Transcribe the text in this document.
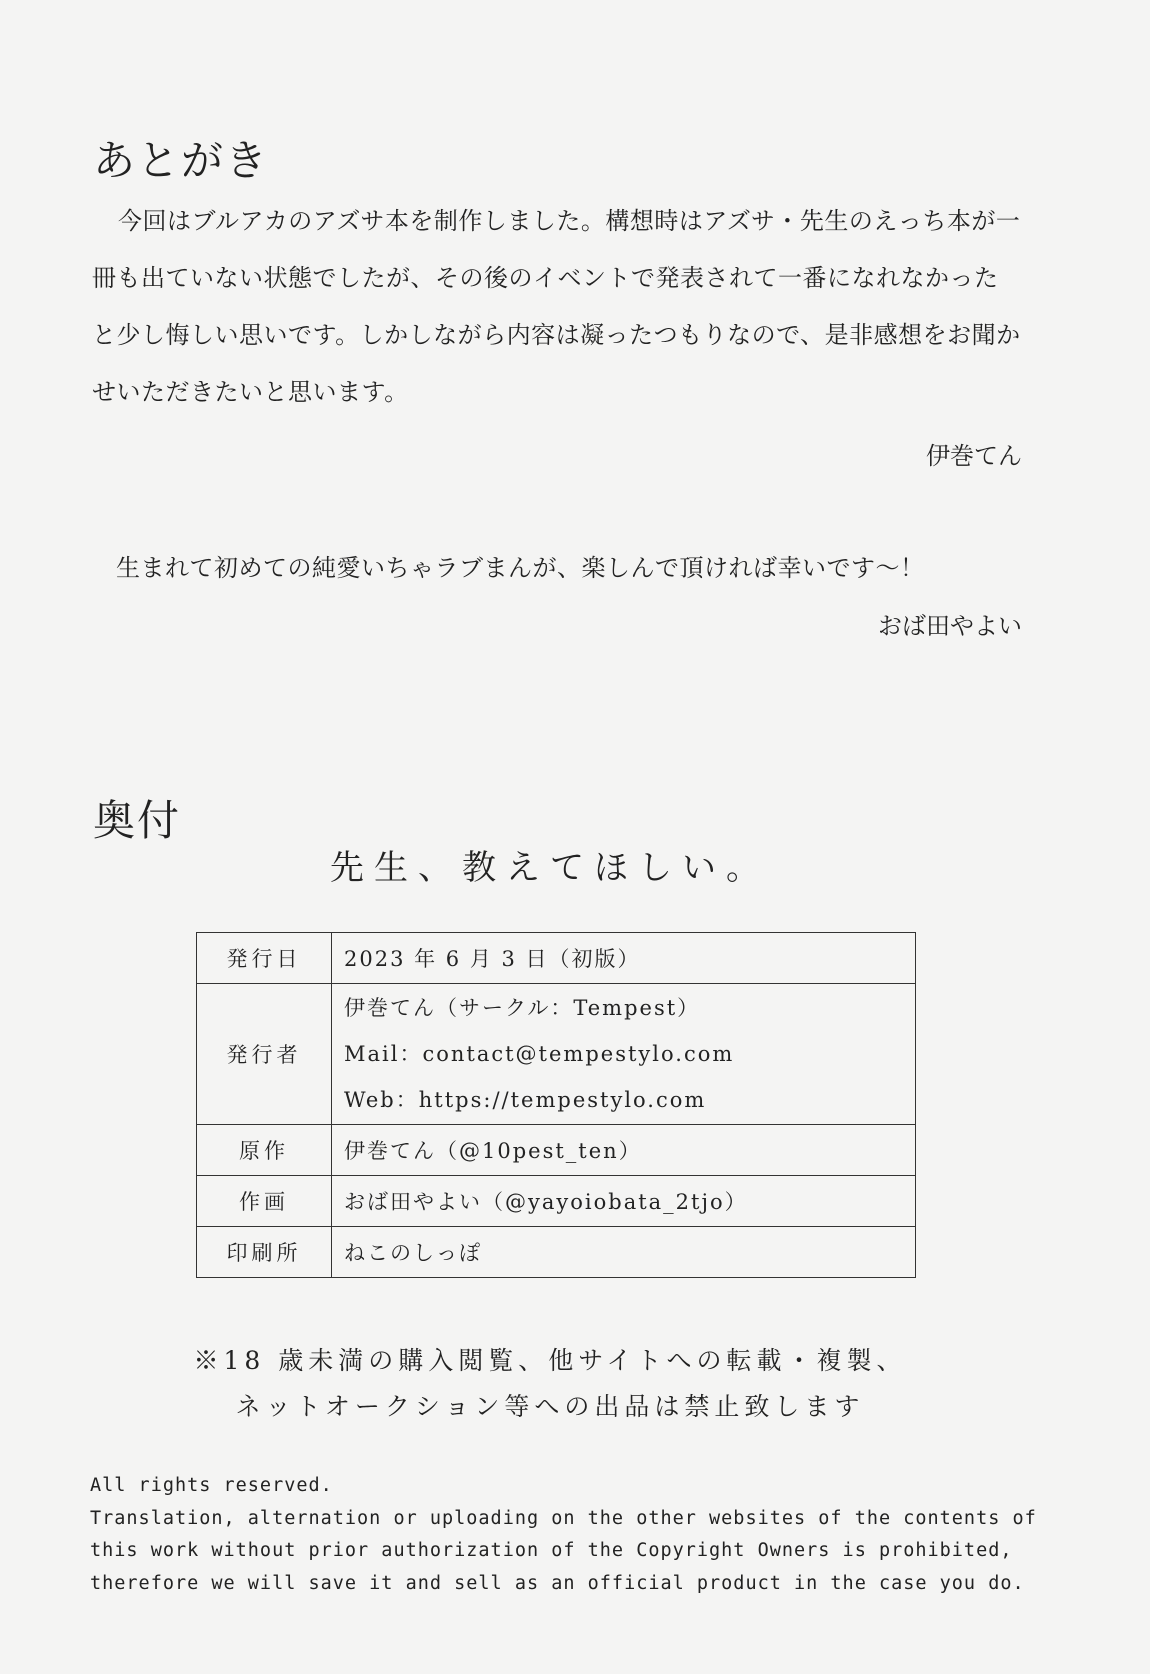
あとがき

今回はブルアカのアズサ本を制作しました。構想時はアズサ・先生のえっち本が一冊も出ていない状態でしたが、その後のイベントで発表されて一番になれなかったと少し悔しい思いです。しかしながら内容は凝ったつもりなので、是非感想をお聞かせいただきたいと思います。

伊巻てん
生まれて初めての純愛いちゃラブまんが、楽しんで頂ければ幸いです～！
おば田やよい
奥付
先生、教えてほしい。
発行日	2023 年 6 月 3 日（初版）
発行者	伊巻てん（サークル：Tempest）
Mail：contact@tempestylo.com
Web：https://tempestylo.com

原作	伊巻てん（@10pest_ten）
作画	おば田やよい（@yayoiobata_2tjo）
印刷所	ねこのしっぽ
※18 歳未満の購入閲覧、他サイトへの転載・複製、
ネットオークション等への出品は禁止致します
All rights reserved.
Translation, alternation or uploading on the other websites of the contents of
this work without prior authorization of the Copyright Owners is prohibited,
therefore we will save it and sell as an official product in the case you do.
